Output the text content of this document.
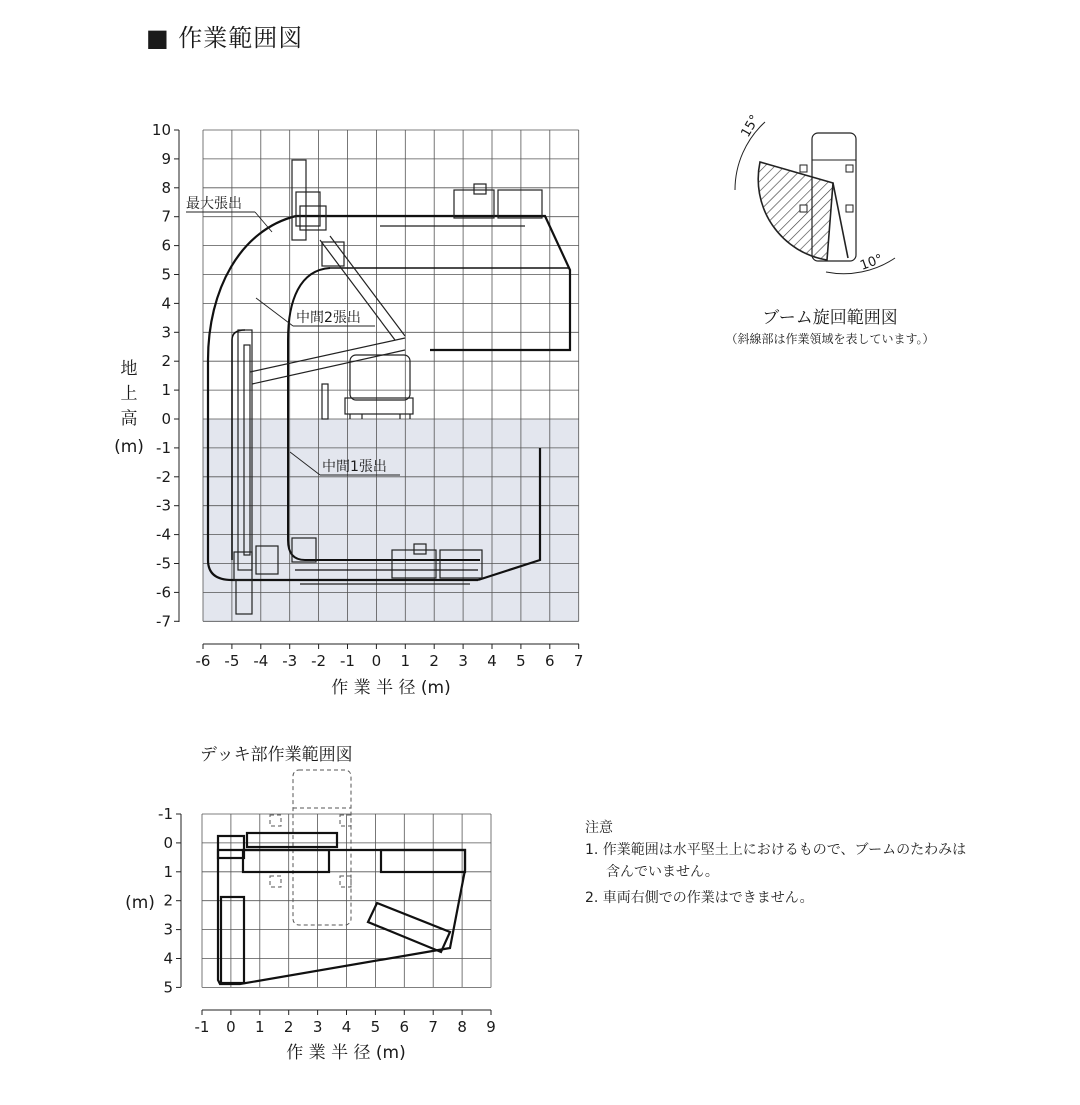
■ 作業範囲図
10
9
8
7
6
5
4
3
2
1
0
-1
-2
-3
-4
-5
-6
-7
-6 -5 -4 -3 -2 -1 0 1 2 3 4 5 6 7
最大張出
中間2張出
中間1張出
地
上
高
(m)
作 業 半 径 (m)
15°
10°
-1
0
1
2
3
4
5
-1 0 1 2 3 4 5 6 7 8 9
(m)
作 業 半 径 (m)
ブーム旋回範囲図
（斜線部は作業領域を表しています。）
デッキ部作業範囲図
注意
1. 作業範囲は水平堅土上におけるもので、ブームのたわみは
含んでいません。
2. 車両右側での作業はできません。
